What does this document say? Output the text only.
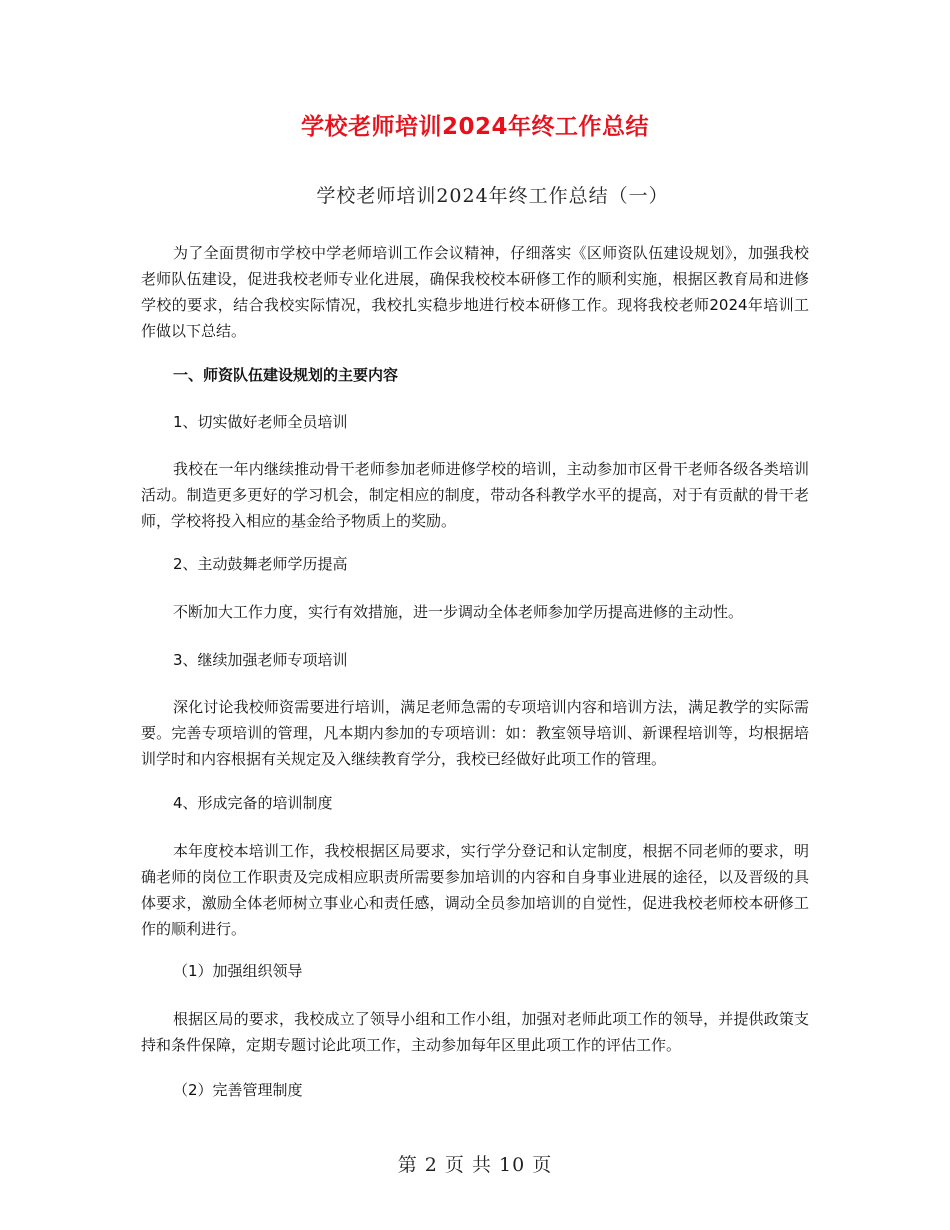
学校老师培训2024年终工作总结
学校老师培训2024年终工作总结（一）
为了全面贯彻市学校中学老师培训工作会议精神，仔细落实《区师资队伍建设规划》，加强我校老师队伍建设，促进我校老师专业化进展，确保我校校本研修工作的顺利实施，根据区教育局和进修学校的要求，结合我校实际情况，我校扎实稳步地进行校本研修工作。现将我校老师2024年培训工作做以下总结。
一、师资队伍建设规划的主要内容
1、切实做好老师全员培训
我校在一年内继续推动骨干老师参加老师进修学校的培训，主动参加市区骨干老师各级各类培训活动。制造更多更好的学习机会，制定相应的制度，带动各科教学水平的提高，对于有贡献的骨干老师，学校将投入相应的基金给予物质上的奖励。
2、主动鼓舞老师学历提高
不断加大工作力度，实行有效措施，进一步调动全体老师参加学历提高进修的主动性。
3、继续加强老师专项培训
深化讨论我校师资需要进行培训，满足老师急需的专项培训内容和培训方法，满足教学的实际需要。完善专项培训的管理，凡本期内参加的专项培训：如：教室领导培训、新课程培训等，均根据培训学时和内容根据有关规定及入继续教育学分，我校已经做好此项工作的管理。
4、形成完备的培训制度
本年度校本培训工作，我校根据区局要求，实行学分登记和认定制度，根据不同老师的要求，明确老师的岗位工作职责及完成相应职责所需要参加培训的内容和自身事业进展的途径，以及晋级的具体要求，激励全体老师树立事业心和责任感，调动全员参加培训的自觉性，促进我校老师校本研修工作的顺利进行。
（1）加强组织领导
根据区局的要求，我校成立了领导小组和工作小组，加强对老师此项工作的领导，并提供政策支持和条件保障，定期专题讨论此项工作，主动参加每年区里此项工作的评估工作。
（2）完善管理制度
第 2 页 共 10 页
